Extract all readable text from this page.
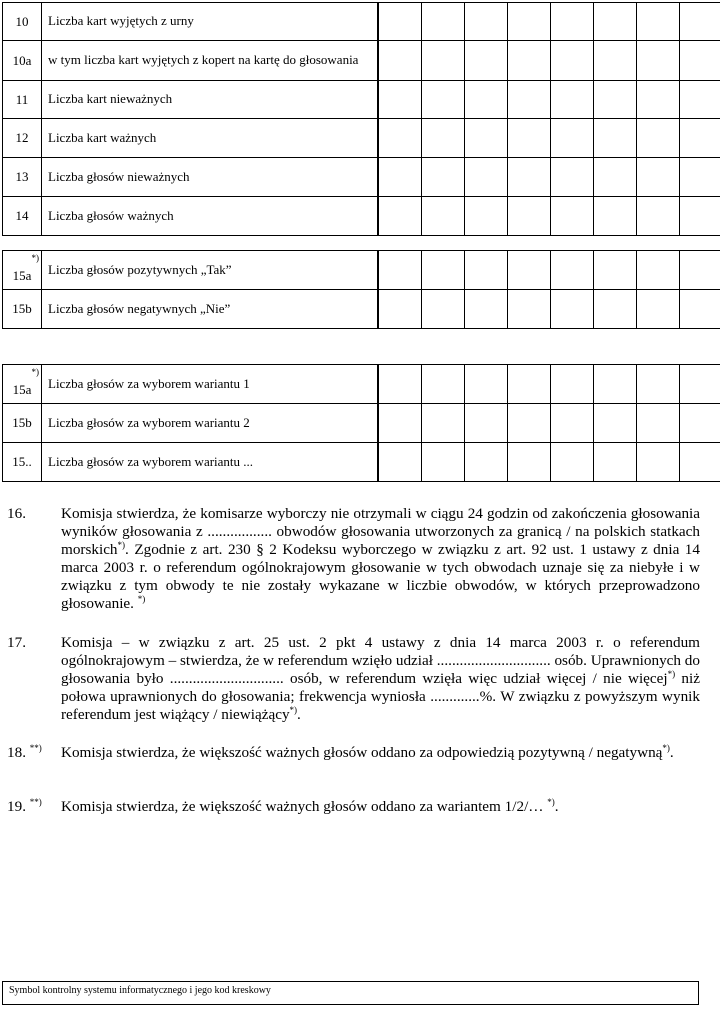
10	Liczba kart wyjętych z urny									
10a	w tym liczba kart wyjętych z kopert na kartę do głosowania									
11	Liczba kart nieważnych									
12	Liczba kart ważnych									
13	Liczba głosów nieważnych									
14	Liczba głosów ważnych									
*)
15a	Liczba głosów pozytywnych „Tak”									
15b	Liczba głosów negatywnych „Nie”									
*)
15a	Liczba głosów za wyborem wariantu 1									
15b	Liczba głosów za wyborem wariantu 2									
15..	Liczba głosów za wyborem wariantu ...									
16.	Komisja stwierdza, że komisarze wyborczy nie otrzymali w ciągu 24 godzin od zakończenia głosowania wyników głosowania z ................. obwodów głosowania utworzonych za granicą / na polskich statkach morskich*). Zgodnie z art. 230 § 2 Kodeksu wyborczego w związku z art. 92 ust. 1 ustawy z dnia 14 marca 2003 r. o referendum ogólnokrajowym głosowanie w tych obwodach uznaje się za niebyłe i w związku z tym obwody te nie zostały wykazane w liczbie obwodów, w których przeprowadzono głosowanie. *)
17.	Komisja – w związku z art. 25 ust. 2 pkt 4 ustawy z dnia 14 marca 2003 r. o referendum ogólnokrajowym – stwierdza, że w referendum wzięło udział .............................. osób. Uprawnionych do głosowania było .............................. osób, w referendum wzięła więc udział więcej / nie więcej*) niż połowa uprawnionych do głosowania; frekwencja wyniosła .............%. W związku z powyższym wynik referendum jest wiążący / niewiążący*).
18. **)	Komisja stwierdza, że większość ważnych głosów oddano za odpowiedzią pozytywną / negatywną*).
19. **)	Komisja stwierdza, że większość ważnych głosów oddano za wariantem 1/2/… *).
Symbol kontrolny systemu informatycznego i jego kod kreskowy
